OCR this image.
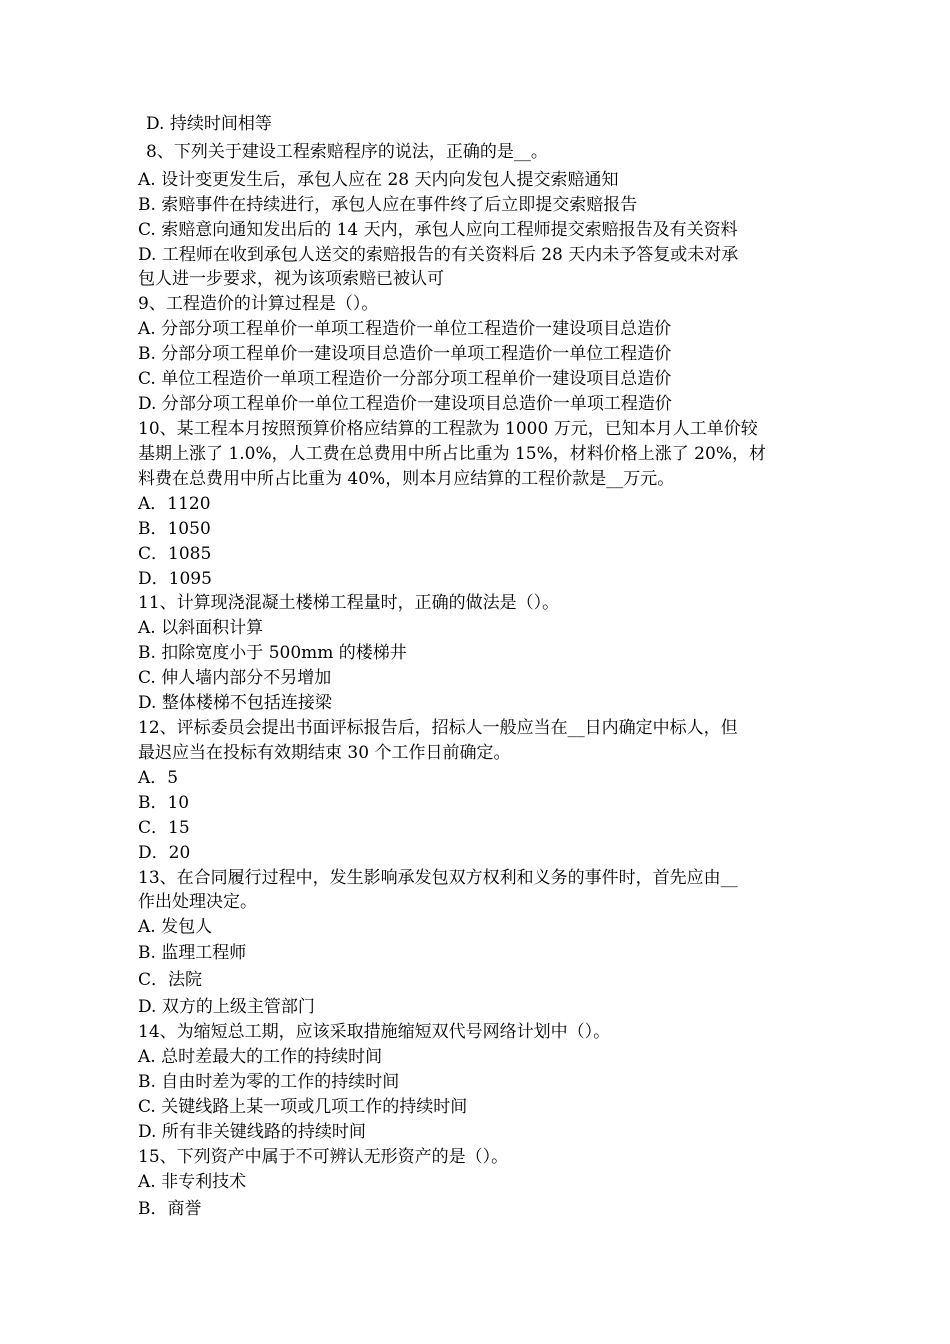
D. 持续时间相等
8、下列关于建设工程索赔程序的说法，正确的是__。
A. 设计变更发生后，承包人应在 28 天内向发包人提交索赔通知
B. 索赔事件在持续进行，承包人应在事件终了后立即提交索赔报告
C. 索赔意向通知发出后的 14 天内，承包人应向工程师提交索赔报告及有关资料
D. 工程师在收到承包人送交的索赔报告的有关资料后 28 天内未予答复或未对承
包人进一步要求，视为该项索赔已被认可
9、工程造价的计算过程是（）。
A. 分部分项工程单价一单项工程造价一单位工程造价一建设项目总造价
B. 分部分项工程单价一建设项目总造价一单项工程造价一单位工程造价
C. 单位工程造价一单项工程造价一分部分项工程单价一建设项目总造价
D. 分部分项工程单价一单位工程造价一建设项目总造价一单项工程造价
10、某工程本月按照预算价格应结算的工程款为 1000 万元，已知本月人工单价较
基期上涨了 1.0%，人工费在总费用中所占比重为 15%，材料价格上涨了 20%，材
料费在总费用中所占比重为 40%，则本月应结算的工程价款是__万元。
A．1120
B．1050
C．1085
D．1095
11、计算现浇混凝土楼梯工程量时，正确的做法是（）。
A. 以斜面积计算
B. 扣除宽度小于 500mm 的楼梯井
C. 伸人墙内部分不另增加
D. 整体楼梯不包括连接梁
12、评标委员会提出书面评标报告后，招标人一般应当在__日内确定中标人，但
最迟应当在投标有效期结束 30 个工作日前确定。
A．5
B．10
C．15
D．20
13、在合同履行过程中，发生影响承发包双方权利和义务的事件时，首先应由__
作出处理决定。
A. 发包人
B. 监理工程师
C．法院
D. 双方的上级主管部门
14、为缩短总工期，应该采取措施缩短双代号网络计划中（）。
A. 总时差最大的工作的持续时间
B. 自由时差为零的工作的持续时间
C. 关键线路上某一项或几项工作的持续时间
D. 所有非关键线路的持续时间
15、下列资产中属于不可辨认无形资产的是（）。
A. 非专利技术
B．商誉
